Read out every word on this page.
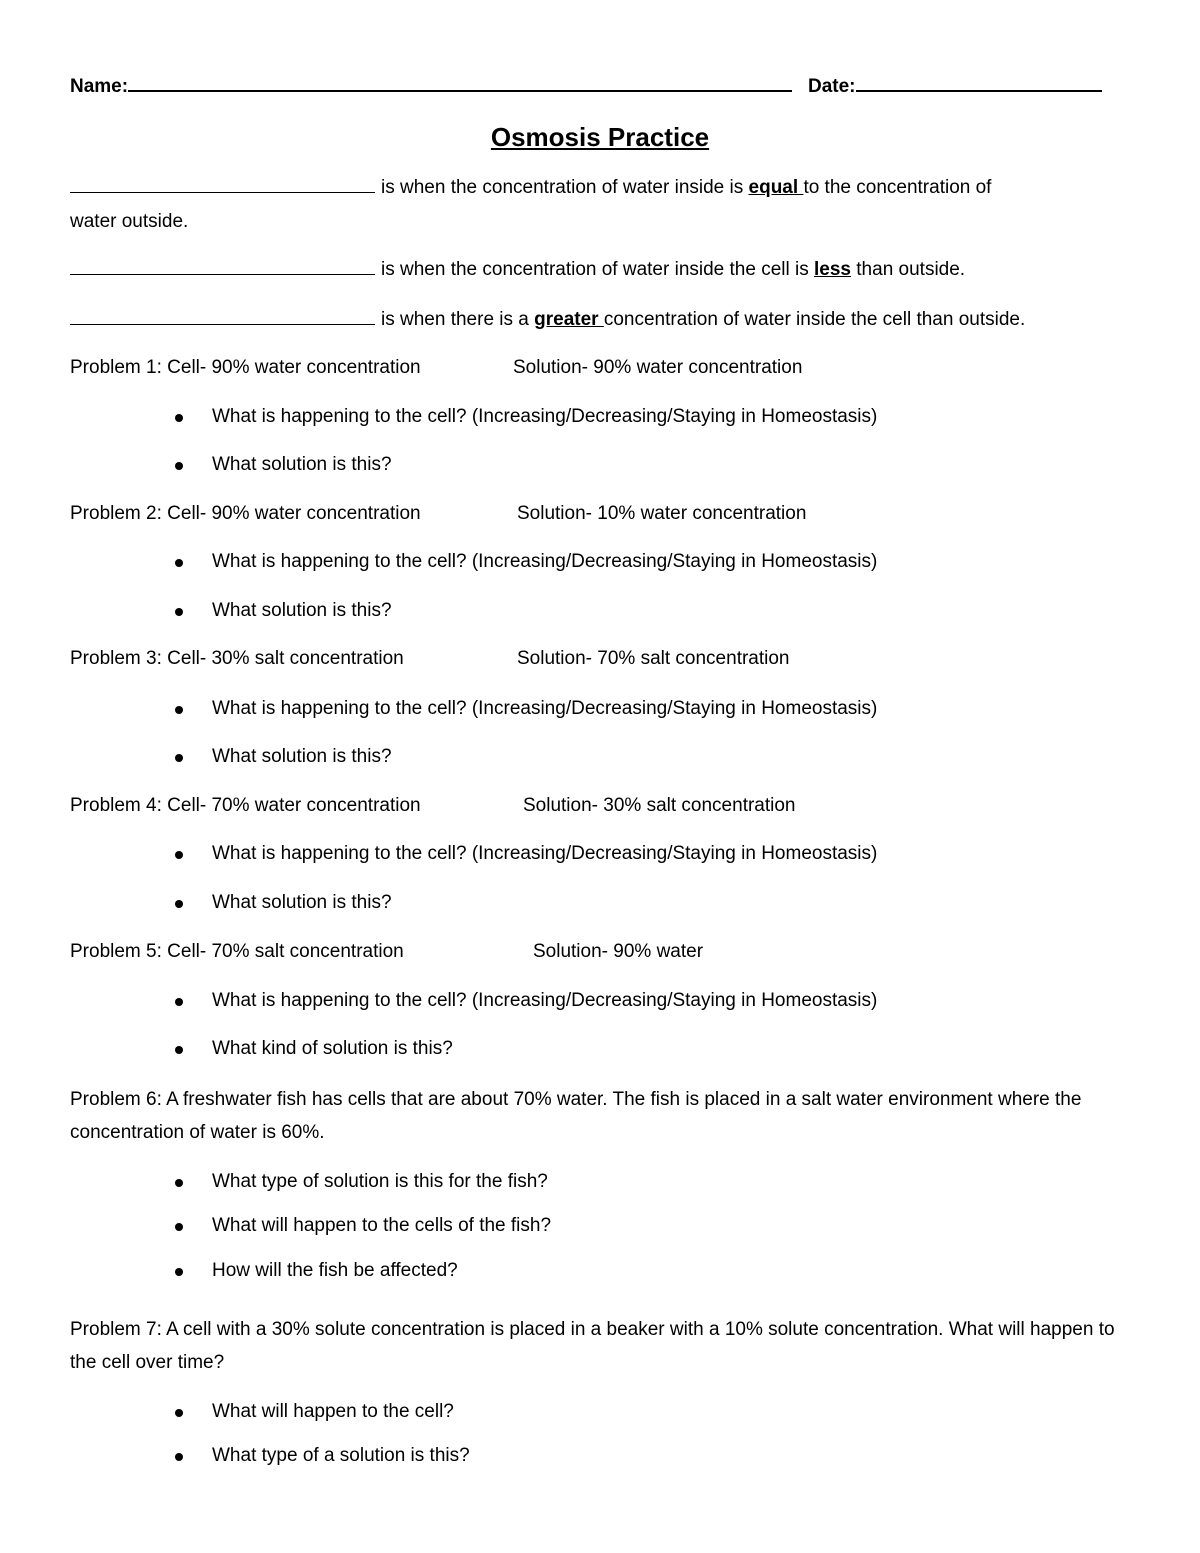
Name:	Date:
Osmosis Practice
is when the concentration of water inside is equal to the concentration of
water outside.
is when the concentration of water inside the cell is less than outside.
is when there is a greater concentration of water inside the cell than outside.
Problem 1: Cell- 90% water concentration	Solution- 90% water concentration
What is happening to the cell? (Increasing/Decreasing/Staying in Homeostasis)
What solution is this?
Problem 2: Cell- 90% water concentration	Solution- 10% water concentration
What is happening to the cell? (Increasing/Decreasing/Staying in Homeostasis)
What solution is this?
Problem 3: Cell- 30% salt concentration	Solution- 70% salt concentration
What is happening to the cell? (Increasing/Decreasing/Staying in Homeostasis)
What solution is this?
Problem 4: Cell- 70% water concentration	Solution- 30% salt concentration
What is happening to the cell? (Increasing/Decreasing/Staying in Homeostasis)
What solution is this?
Problem 5: Cell- 70% salt concentration	Solution- 90% water
What is happening to the cell? (Increasing/Decreasing/Staying in Homeostasis)
What kind of solution is this?
Problem 6: A freshwater fish has cells that are about 70% water. The fish is placed in a salt water environment where the concentration of water is 60%.
What type of solution is this for the fish?
What will happen to the cells of the fish?
How will the fish be affected?
Problem 7: A cell with a 30% solute concentration is placed in a beaker with a 10% solute concentration. What will happen to the cell over time?
What will happen to the cell?
What type of a solution is this?
